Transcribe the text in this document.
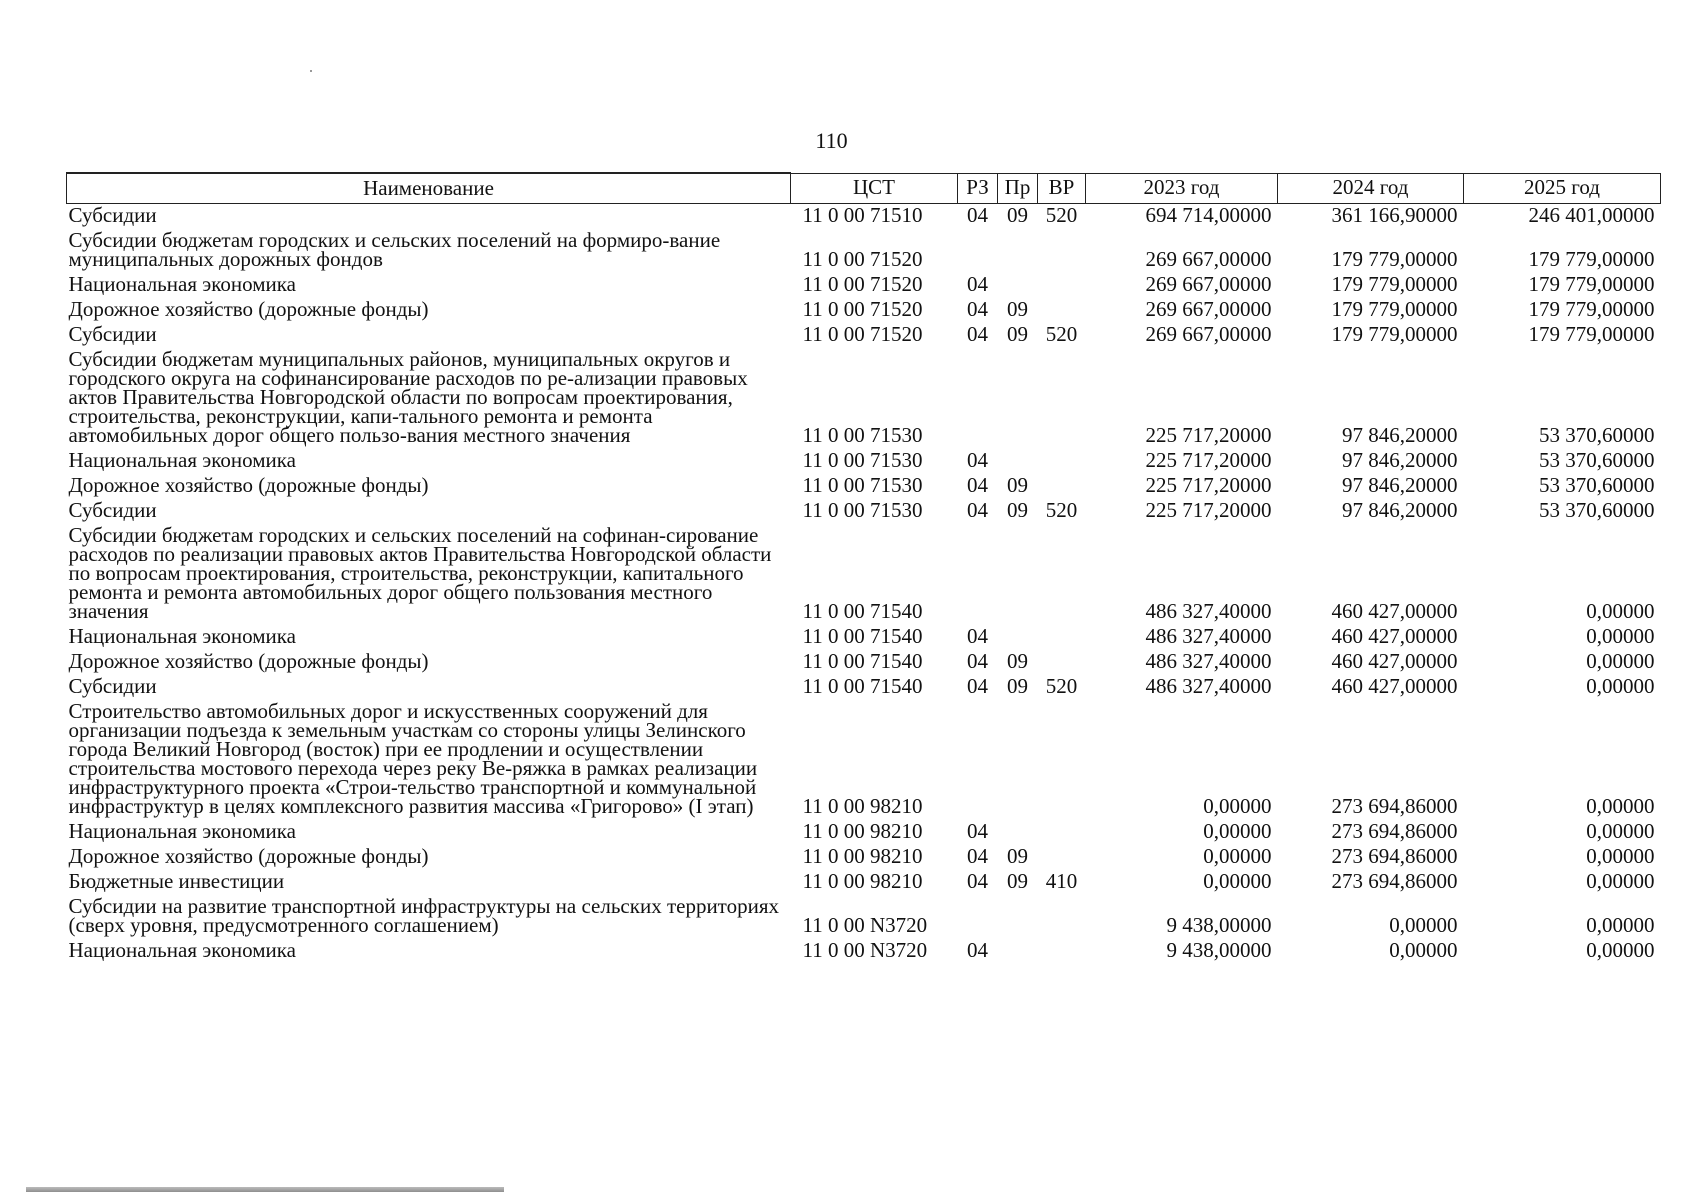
110
Наименование	ЦСТ	РЗ	Пр	ВР	2023 год	2024 год	2025 год
Субсидии	11 0 00 71510	04	09	520	694 714,00000	361 166,90000	246 401,00000
Субсидии бюджетам городских и сельских поселений на формиро-вание муниципальных дорожных фондов	11 0 00 71520				269 667,00000	179 779,00000	179 779,00000
Национальная экономика	11 0 00 71520	04			269 667,00000	179 779,00000	179 779,00000
Дорожное хозяйство (дорожные фонды)	11 0 00 71520	04	09		269 667,00000	179 779,00000	179 779,00000
Субсидии	11 0 00 71520	04	09	520	269 667,00000	179 779,00000	179 779,00000
Субсидии бюджетам муниципальных районов, муниципальных округов и городского округа на софинансирование расходов по ре-ализации правовых актов Правительства Новгородской области по вопросам проектирования, строительства, реконструкции, капи-тального ремонта и ремонта автомобильных дорог общего пользо-вания местного значения	11 0 00 71530				225 717,20000	97 846,20000	53 370,60000
Национальная экономика	11 0 00 71530	04			225 717,20000	97 846,20000	53 370,60000
Дорожное хозяйство (дорожные фонды)	11 0 00 71530	04	09		225 717,20000	97 846,20000	53 370,60000
Субсидии	11 0 00 71530	04	09	520	225 717,20000	97 846,20000	53 370,60000
Субсидии бюджетам городских и сельских поселений на софинан-сирование расходов по реализации правовых актов Правительства Новгородской области по вопросам проектирования, строительства, реконструкции, капитального ремонта и ремонта автомобильных дорог общего пользования местного значения	11 0 00 71540				486 327,40000	460 427,00000	0,00000
Национальная экономика	11 0 00 71540	04			486 327,40000	460 427,00000	0,00000
Дорожное хозяйство (дорожные фонды)	11 0 00 71540	04	09		486 327,40000	460 427,00000	0,00000
Субсидии	11 0 00 71540	04	09	520	486 327,40000	460 427,00000	0,00000
Строительство автомобильных дорог и искусственных сооружений для организации подъезда к земельным участкам со стороны улицы Зелинского города Великий Новгород (восток) при ее продлении и осуществлении строительства мостового перехода через реку Ве-ряжка в рамках реализации инфраструктурного проекта «Строи-тельство транспортной и коммунальной инфраструктур в целях комплексного развития массива «Григорово» (I этап)	11 0 00 98210				0,00000	273 694,86000	0,00000
Национальная экономика	11 0 00 98210	04			0,00000	273 694,86000	0,00000
Дорожное хозяйство (дорожные фонды)	11 0 00 98210	04	09		0,00000	273 694,86000	0,00000
Бюджетные инвестиции	11 0 00 98210	04	09	410	0,00000	273 694,86000	0,00000
Субсидии на развитие транспортной инфраструктуры на сельских территориях (сверх уровня, предусмотренного соглашением)	11 0 00 N3720				9 438,00000	0,00000	0,00000
Национальная экономика	11 0 00 N3720	04			9 438,00000	0,00000	0,00000
